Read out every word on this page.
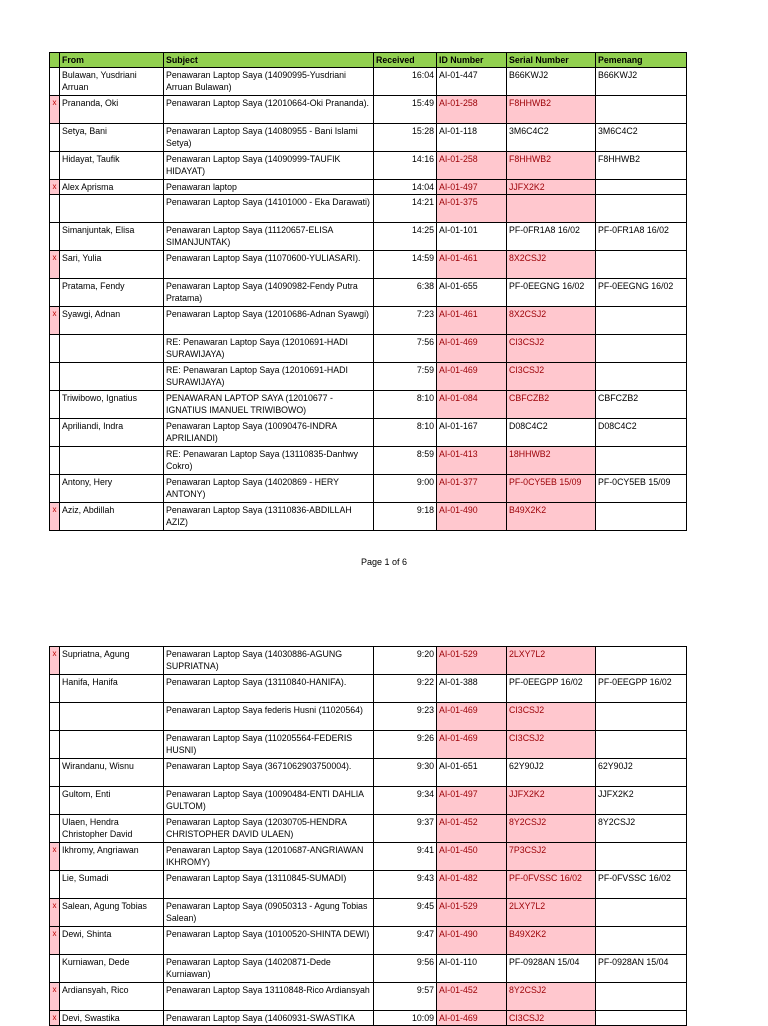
	From	Subject	Received	ID Number	Serial Number	Pemenang
	Bulawan, Yusdriani Arruan	Penawaran Laptop Saya (14090995-Yusdriani Arruan Bulawan)	16:04	AI-01-447	B66KWJ2	B66KWJ2
x	Prananda, Oki	Penawaran Laptop Saya (12010664-Oki Prananda).	15:49	AI-01-258	F8HHWB2	
	Setya, Bani	Penawaran Laptop Saya (14080955 - Bani Islami Setya)	15:28	AI-01-118	3M6C4C2	3M6C4C2
	Hidayat, Taufik	Penawaran Laptop Saya (14090999-TAUFIK HIDAYAT)	14:16	AI-01-258	F8HHWB2	F8HHWB2
x	Alex Aprisma	Penawaran laptop	14:04	AI-01-497	JJFX2K2	
		Penawaran Laptop Saya (14101000 - Eka Darawati)	14:21	AI-01-375		
	Simanjuntak, Elisa	Penawaran Laptop Saya (11120657-ELISA SIMANJUNTAK)	14:25	AI-01-101	PF-0FR1A8 16/02	PF-0FR1A8 16/02
x	Sari, Yulia	Penawaran Laptop Saya (11070600-YULIASARI).	14:59	AI-01-461	8X2CSJ2	
	Pratama, Fendy	Penawaran Laptop Saya (14090982-Fendy Putra Pratama)	6:38	AI-01-655	PF-0EEGNG 16/02	PF-0EEGNG 16/02
x	Syawgi, Adnan	Penawaran Laptop Saya (12010686-Adnan Syawgi)	7:23	AI-01-461	8X2CSJ2	
		RE: Penawaran Laptop Saya (12010691-HADI SURAWIJAYA)	7:56	AI-01-469	CI3CSJ2	
		RE: Penawaran Laptop Saya (12010691-HADI SURAWIJAYA)	7:59	AI-01-469	CI3CSJ2	
	Triwibowo, Ignatius	PENAWARAN LAPTOP SAYA (12010677 - IGNATIUS IMANUEL TRIWIBOWO)	8:10	AI-01-084	CBFCZB2	CBFCZB2
	Apriliandi, Indra	Penawaran Laptop Saya (10090476-INDRA APRILIANDI)	8:10	AI-01-167	D08C4C2	D08C4C2
		RE: Penawaran Laptop Saya (13110835-Danhwy Cokro)	8:59	AI-01-413	18HHWB2	
	Antony, Hery	Penawaran Laptop Saya (14020869 - HERY ANTONY)	9:00	AI-01-377	PF-0CY5EB 15/09	PF-0CY5EB 15/09
x	Aziz, Abdillah	Penawaran Laptop Saya (13110836-ABDILLAH AZIZ)	9:18	AI-01-490	B49X2K2	
Page 1 of 6
x	Supriatna, Agung	Penawaran Laptop Saya (14030886-AGUNG SUPRIATNA)	9:20	AI-01-529	2LXY7L2	
	Hanifa, Hanifa	Penawaran Laptop Saya (13110840-HANIFA).	9:22	AI-01-388	PF-0EEGPP 16/02	PF-0EEGPP 16/02
		Penawaran Laptop Saya federis Husni (11020564)	9:23	AI-01-469	CI3CSJ2	
		Penawaran Laptop Saya (110205564-FEDERIS HUSNI)	9:26	AI-01-469	CI3CSJ2	
	Wirandanu, Wisnu	Penawaran Laptop Saya (3671062903750004).	9:30	AI-01-651	62Y90J2	62Y90J2
	Gultom, Enti	Penawaran Laptop Saya (10090484-ENTI DAHLIA GULTOM)	9:34	AI-01-497	JJFX2K2	JJFX2K2
	Ulaen, Hendra Christopher David	Penawaran Laptop Saya (12030705-HENDRA CHRISTOPHER DAVID ULAEN)	9:37	AI-01-452	8Y2CSJ2	8Y2CSJ2
x	Ikhromy, Angriawan	Penawaran Laptop Saya (12010687-ANGRIAWAN IKHROMY)	9:41	AI-01-450	7P3CSJ2	
	Lie, Sumadi	Penawaran Laptop Saya (13110845-SUMADI)	9:43	AI-01-482	PF-0FVSSC 16/02	PF-0FVSSC 16/02
x	Salean, Agung Tobias	Penawaran Laptop Saya (09050313 - Agung Tobias Salean)	9:45	AI-01-529	2LXY7L2	
x	Dewi, Shinta	Penawaran Laptop Saya (10100520-SHINTA DEWI)	9:47	AI-01-490	B49X2K2	
	Kurniawan, Dede	Penawaran Laptop Saya (14020871-Dede Kurniawan)	9:56	AI-01-110	PF-0928AN 15/04	PF-0928AN 15/04
x	Ardiansyah, Rico	Penawaran Laptop Saya 13110848-Rico Ardiansyah	9:57	AI-01-452	8Y2CSJ2	
x	Devi, Swastika	Penawaran Laptop Saya (14060931-SWASTIKA	10:09	AI-01-469	CI3CSJ2	
